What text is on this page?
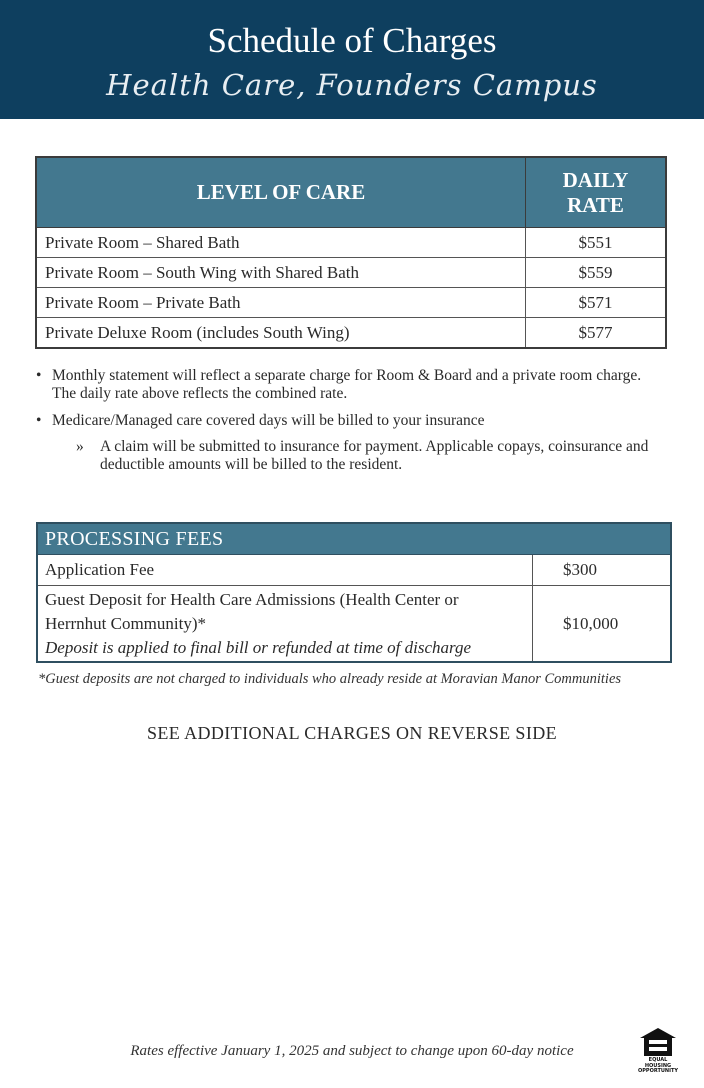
Schedule of Charges
Health Care, Founders Campus
LEVEL OF CARE	DAILY RATE

Private Room – Shared Bath	$551
Private Room – South Wing with Shared Bath	$559
Private Room – Private Bath	$571
Private Deluxe Room (includes South Wing)	$577
• Monthly statement will reflect a separate charge for Room & Board and a private room charge. The daily rate above reflects the combined rate.
• Medicare/Managed care covered days will be billed to your insurance
» A claim will be submitted to insurance for payment. Applicable copays, coinsurance and deductible amounts will be billed to the resident.
PROCESSING FEES	
Application Fee	$300

Guest Deposit for Health Care Admissions (Health Center or Herrnhut Community)*
Deposit is applied to final bill or refunded at time of discharge	$10,000
*Guest deposits are not charged to individuals who already reside at Moravian Manor Communities
SEE ADDITIONAL CHARGES ON REVERSE SIDE
Rates effective January 1, 2025 and subject to change upon 60-day notice
EQUAL HOUSING OPPORTUNITY
